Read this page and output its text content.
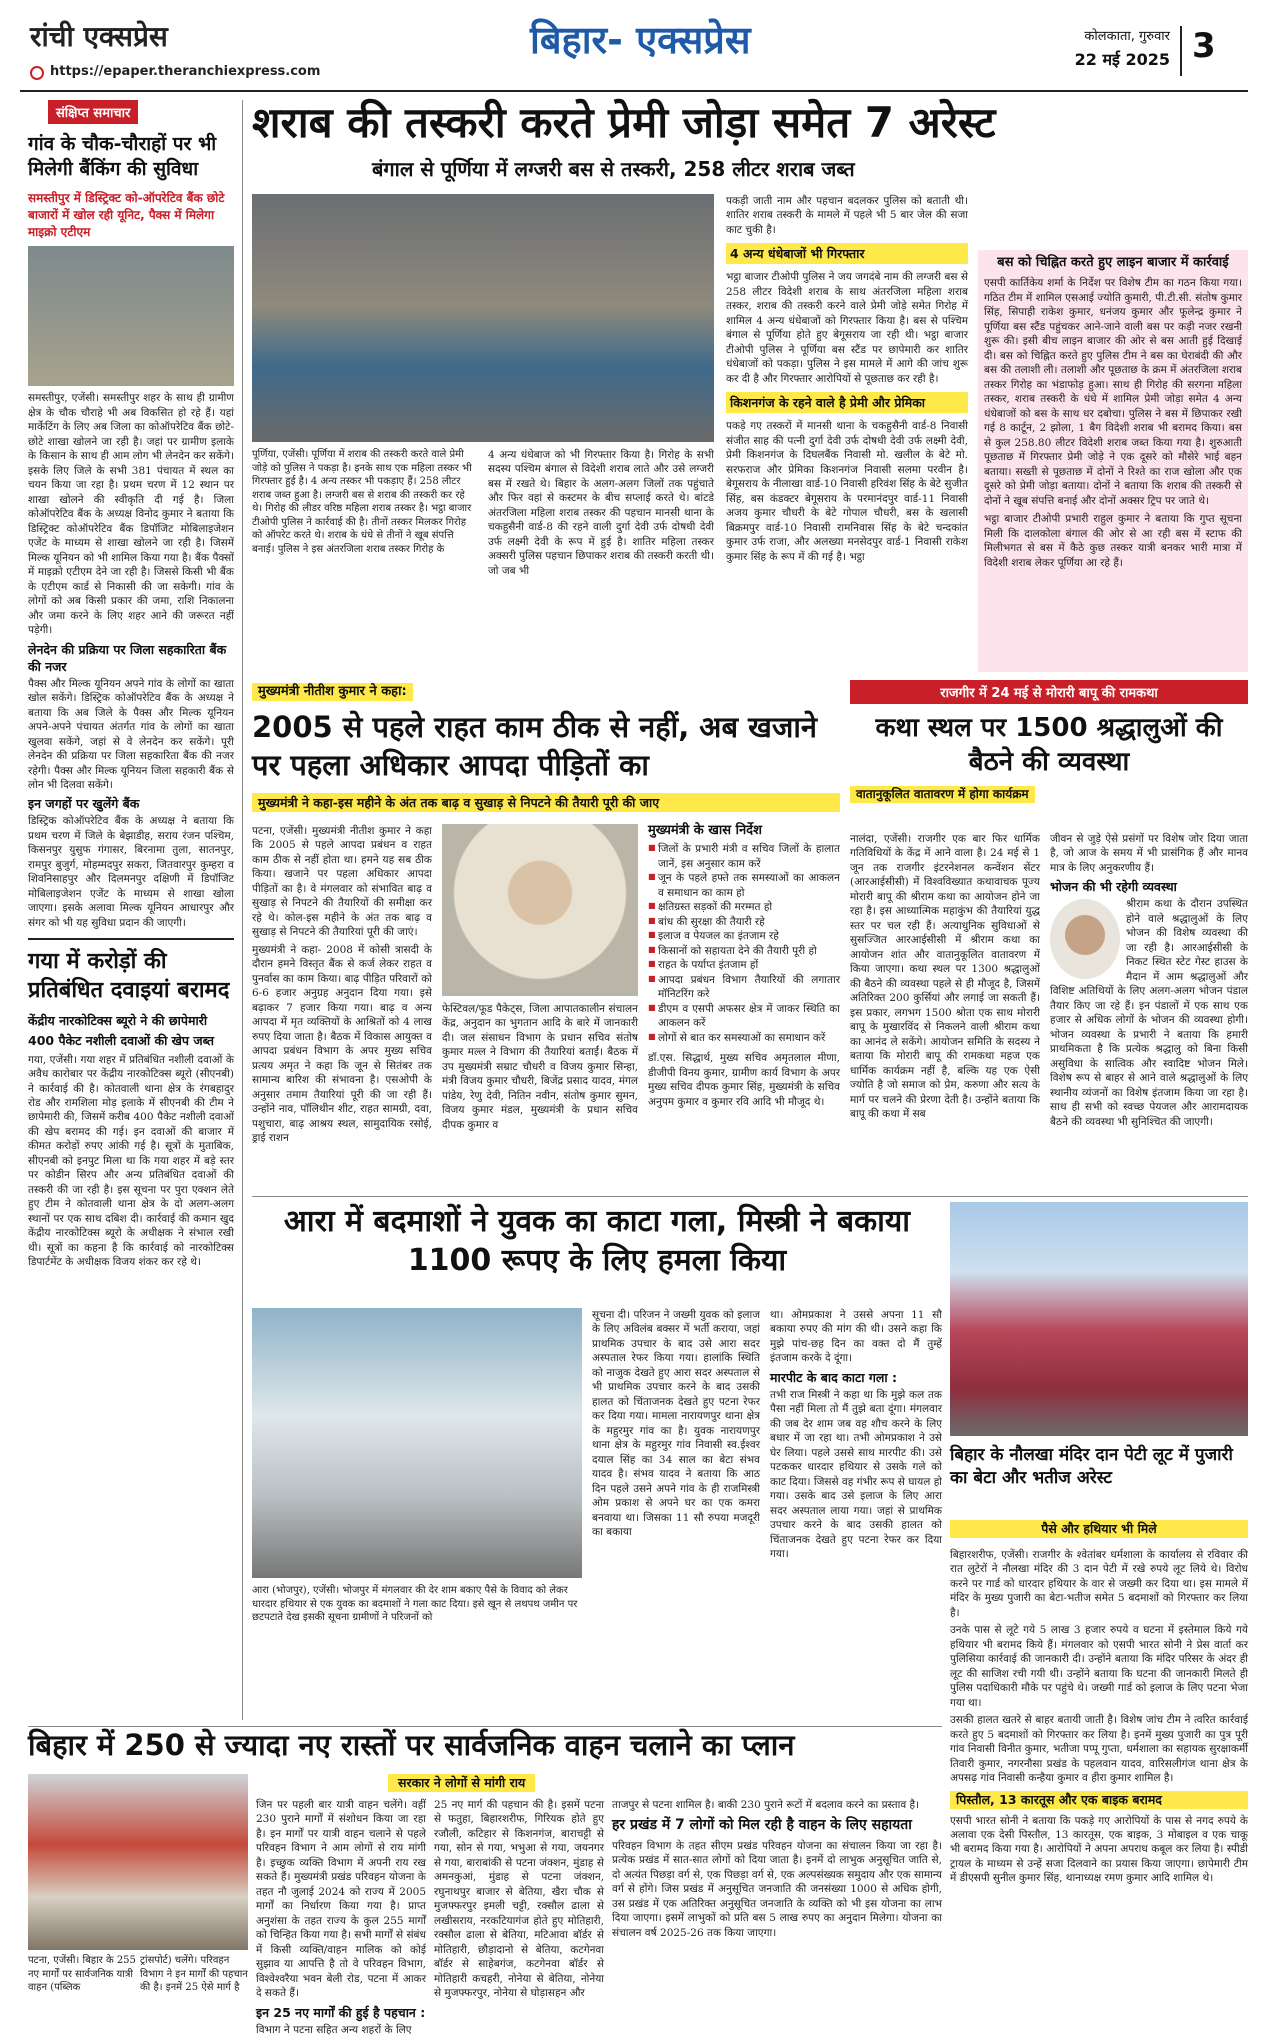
रांची एक्सप्रेस
https://epaper.theranchiexpress.com
बिहार- एक्सप्रेस	कोलकाता, गुरुवार
22 मई 2025 3
संक्षिप्त समाचार
गांव के चौक-चौराहों पर भी मिलेगी बैंकिंग की सुविधा
समस्तीपुर में डिस्ट्रिक्ट को-ऑपरेटिव बैंक छोटे बाजारों में खोल रही यूनिट, पैक्स में मिलेगा माइक्रो एटीएम
समस्तीपुर, एजेंसी। समस्तीपुर शहर के साथ ही ग्रामीण क्षेत्र के चौक चौराहे भी अब विकसित हो रहे हैं। यहां मार्केटिंग के लिए अब जिला का कोऑपरेटिव बैंक छोटे-छोटे शाखा खोलने जा रही है। जहां पर ग्रामीण इलाके के किसान के साथ ही आम लोग भी लेनदेन कर सकेंगे। इसके लिए जिले के सभी 381 पंचायत में स्थल का चयन किया जा रहा है। प्रथम चरण में 12 स्थान पर शाखा खोलने की स्वीकृति दी गई है। जिला कोऑपरेटिव बैंक के अध्यक्ष विनोद कुमार ने बताया कि डिस्ट्रिक्ट कोऑपरेटिव बैंक डिपॉजिट मोबिलाइजेशन एजेंट के माध्यम से शाखा खोलने जा रही है। जिसमें मिल्क यूनियन को भी शामिल किया गया है। बैंक पैक्सों में माइक्रो एटीएम देने जा रही है। जिससे किसी भी बैंक के एटीएम कार्ड से निकासी की जा सकेगी। गांव के लोगों को अब किसी प्रकार की जमा, राशि निकालना और जमा करने के लिए शहर आने की जरूरत नहीं पड़ेगी।
लेनदेन की प्रक्रिया पर जिला सहकारिता बैंक की नजर
पैक्स और मिल्क यूनियन अपने गांव के लोगों का खाता खोल सकेंगे। डिस्ट्रिक कोऑपरेटिव बैंक के अध्यक्ष ने बताया कि अब जिले के पैक्स और मिल्क यूनियन अपने-अपने पंचायत अंतर्गत गांव के लोगों का खाता खुलवा सकेंगे, जहां से वे लेनदेन कर सकेंगे। पूरी लेनदेन की प्रक्रिया पर जिला सहकारिता बैंक की नजर रहेगी। पैक्स और मिल्क यूनियन जिला सहकारी बैंक से लोन भी दिलवा सकेंगे।
इन जगहों पर खुलेंगे बैंक
डिस्ट्रिक कोऑपरेटिव बैंक के अध्यक्ष ने बताया कि प्रथम चरण में जिले के बेझाडीह, सराय रंजन पश्चिम, किसनपुर युसुफ गंगासर, बिरनामा तुला, सातनपुर, रामपुर बुजुर्ग, मोहम्मदपुर सकरा, जितवारपुर कुम्हरा व शिवनिसाहपुर और दिलमनपुर दक्षिणी में डिपॉजिट मोबिलाइजेशन एजेंट के माध्यम से शाखा खोला जाएगा। इसके अलावा मिल्क यूनियन आधारपुर और संगर को भी यह सुविधा प्रदान की जाएगी।
गया में करोड़ों की प्रतिबंधित दवाइयां बरामद
केंद्रीय नारकोटिक्स ब्यूरो ने की छापेमारी
400 पैकेट नशीली दवाओं की खेप जब्त
गया, एजेंसी। गया शहर में प्रतिबंधित नशीली दवाओं के अवैध कारोबार पर केंद्रीय नारकोटिक्स ब्यूरो (सीएनबी) ने कार्रवाई की है। कोतवाली थाना क्षेत्र के रंगबहादुर रोड और रामशिला मोड़ इलाके में सीएनबी की टीम ने छापेमारी की, जिसमें करीब 400 पैकेट नशीली दवाओं की खेप बरामद की गई। इन दवाओं की बाजार में कीमत करोड़ों रुपए आंकी गई है। सूत्रों के मुताबिक, सीएनबी को इनपुट मिला था कि गया शहर में बड़े स्तर पर कोडीन सिरप और अन्य प्रतिबंधित दवाओं की तस्करी की जा रही है। इस सूचना पर पुरा एक्शन लेते हुए टीम ने कोतवाली थाना क्षेत्र के दो अलग-अलग स्थानों पर एक साथ दबिश दी। कार्रवाई की कमान खुद केंद्रीय नारकोटिक्स ब्यूरो के अधीक्षक ने संभाल रखी थी। सूत्रों का कहना है कि कार्रवाई को नारकोटिक्स डिपार्टमेंट के अधीक्षक विजय शंकर कर रहे थे।
शराब की तस्करी करते प्रेमी जोड़ा समेत 7 अरेस्ट
बंगाल से पूर्णिया में लग्जरी बस से तस्करी, 258 लीटर शराब जब्त
पूर्णिया, एजेंसी। पूर्णिया में शराब की तस्करी करते वाले प्रेमी जोड़े को पुलिस ने पकड़ा है। इनके साथ एक महिला तस्कर भी गिरफ्तार हुई है। 4 अन्य तस्कर भी पकड़ाए हैं। 258 लीटर शराब जब्त हुआ है। लग्जरी बस से शराब की तस्करी कर रहे थे। गिरोह की लीडर वरिष्ठ महिला शराब तस्कर है। भट्ठा बाजार टीओपी पुलिस ने कार्रवाई की है। तीनों तस्कर मिलकर गिरोह को ऑपरेट करते थे। शराब के धंधे से तीनों ने खूब संपत्ति बनाई। पुलिस ने इस अंतरजिला शराब तस्कर गिरोह के
4 अन्य धंधेबाज को भी गिरफ्तार किया है। गिरोह के सभी सदस्य पश्चिम बंगाल से विदेशी शराब लाते और उसे लग्जरी बस में रखते थे। बिहार के अलग-अलग जिलों तक पहुंचाते और फिर वहां से कस्टमर के बीच सप्लाई करते थे। बांटडे अंतरजिला महिला शराब तस्कर की पहचान मानसी थाना के चकहुसैनी वार्ड-8 की रहने वाली दुर्गा देवी उर्फ दोषधी देवी उर्फ लक्ष्मी देवी के रूप में हुई है। शातिर महिला तस्कर अक्सरी पुलिस पहचान छिपाकर शराब की तस्करी करती थी। जो जब भी
पकड़ी जाती नाम और पहचान बदलकर पुलिस को बताती थी। शातिर शराब तस्करी के मामले में पहले भी 5 बार जेल की सजा काट चुकी है।
4 अन्य धंधेबाजों भी गिरफ्तार
भट्ठा बाजार टीओपी पुलिस ने जय जगदंबे नाम की लग्जरी बस से 258 लीटर विदेशी शराब के साथ अंतरजिला महिला शराब तस्कर, शराब की तस्करी करने वाले प्रेमी जोड़े समेत गिरोह में शामिल 4 अन्य धंधेबाजों को गिरफ्तार किया है। बस से पश्चिम बंगाल से पूर्णिया होते हुए बेगूसराय जा रही थी। भट्ठा बाजार टीओपी पुलिस ने पूर्णिया बस स्टैंड पर छापेमारी कर शातिर धंधेबाजों को पकड़ा। पुलिस ने इस मामले में आगे की जांच शुरू कर दी है और गिरफ्तार आरोपियों से पूछताछ कर रही है।
किशनगंज के रहने वाले है प्रेमी और प्रेमिका
पकड़े गए तस्करों में मानसी थाना के चकहुसैनी वार्ड-8 निवासी संजीत साह की पत्नी दुर्गा देवी उर्फ दोषधी देवी उर्फ लक्ष्मी देवी, प्रेमी किशनगंज के दिघलबैंक निवासी मो. खलील के बेटे मो. सरफराज और प्रेमिका किशनगंज निवासी सलमा परवीन है। बेगूसराय के नीलाखा वार्ड-10 निवासी हरिवंश सिंह के बेटे सुजीत सिंह, बस कंडक्टर बेगूसराय के परमानंदपुर वार्ड-11 निवासी अजय कुमार चौधरी के बेटे गोपाल चौधरी, बस के खलासी बिक्रमपुर वार्ड-10 निवासी रामनिवास सिंह के बेटे चन्दकांत कुमार उर्फ राजा, और अलख्या मनसेदपुर वार्ड-1 निवासी राकेश कुमार सिंह के रूप में की गई है। भट्ठा
बस को चिह्नित करते हुए लाइन बाजार में कार्रवाई
एसपी कार्तिकेय शर्मा के निर्देश पर विशेष टीम का गठन किया गया। गठित टीम में शामिल एसआई ज्योति कुमारी, पी.टी.सी. संतोष कुमार सिंह, सिपाही राकेश कुमार, धनंजय कुमार और फूलेन्द्र कुमार ने पूर्णिया बस स्टैंड पहुंचकर आने-जाने वाली बस पर कड़ी नजर रखनी शुरू की। इसी बीच लाइन बाजार की ओर से बस आती हुई दिखाई दी। बस को चिह्नित करते हुए पुलिस टीम ने बस का घेराबंदी की और बस की तलाशी ली। तलाशी और पूछताछ के क्रम में अंतरजिला शराब तस्कर गिरोह का भंडाफोड़ हुआ। साथ ही गिरोह की सरगना महिला तस्कर, शराब तस्करी के धंधे में शामिल प्रेमी जोड़ा समेत 4 अन्य धंधेबाजों को बस के साथ धर दबोचा। पुलिस ने बस में छिपाकर रखी गई 8 कार्टून, 2 झोला, 1 बैग विदेशी शराब भी बरामद किया। बस से कुल 258.80 लीटर विदेशी शराब जब्त किया गया है। शुरुआती पूछताछ में गिरफ्तार प्रेमी जोड़े ने एक दूसरे को मौसेरे भाई बहन बताया। सख्ती से पूछताछ में दोनों ने रिश्ते का राज खोला और एक दूसरे को प्रेमी जोड़ा बताया। दोनों ने बताया कि शराब की तस्करी से दोनों ने खूब संपत्ति बनाई और दोनों अक्सर ट्रिप पर जाते थे।
भट्ठा बाजार टीओपी प्रभारी राहुल कुमार ने बताया कि गुप्त सूचना मिली कि दालकोला बंगाल की ओर से आ रही बस में स्टाफ की मिलीभगत से बस में कैठे कुछ तस्कर यात्री बनकर भारी मात्रा में विदेशी शराब लेकर पूर्णिया आ रहे हैं।
मुख्यमंत्री नीतीश कुमार ने कहा:
2005 से पहले राहत काम ठीक से नहीं, अब खजाने पर पहला अधिकार आपदा पीड़ितों का
मुख्यमंत्री ने कहा-इस महीने के अंत तक बाढ़ व सुखाड़ से निपटने की तैयारी पूरी की जाए
पटना, एजेंसी। मुख्यमंत्री नीतीश कुमार ने कहा कि 2005 से पहले आपदा प्रबंधन व राहत काम ठीक से नहीं होता था। हमने यह सब ठीक किया। खजाने पर पहला अधिकार आपदा पीड़ितों का है। वे मंगलवार को संभावित बाढ़ व सुखाड़ से निपटने की तैयारियों की समीक्षा कर रहे थे। कोल-इस महीने के अंत तक बाढ़ व सुखाड़ से निपटने की तैयारियां पूरी की जाएं।
मुख्यमंत्री ने कहा- 2008 में कोसी त्रासदी के दौरान हमने विस्तृत बैंक से कर्ज लेकर राहत व पुनर्वास का काम किया। बाढ़ पीड़ित परिवारों को 6-6 हजार अनुग्रह अनुदान दिया गया। इसे बढ़ाकर 7 हजार किया गया। बाढ़ व अन्य आपदा में मृत व्यक्तियों के आश्रितों को 4 लाख रुपए दिया जाता है। बैठक में विकास आयुक्त व आपदा प्रबंधन विभाग के अपर मुख्य सचिव प्रत्यय अमृत ने कहा कि जून से सितंबर तक सामान्य बारिश की संभावना है। एसओपी के अनुसार तमाम तैयारियां पूरी की जा रही हैं। उन्होंने नाव, पॉलिथीन शीट, राहत सामग्री, दवा, पशुचारा, बाढ़ आश्रय स्थल, सामुदायिक रसोई, ड्राई राशन
फेस्टिवल/फूड पैकेट्स, जिला आपातकालीन संचालन केंद्र, अनुदान का भुगतान आदि के बारे में जानकारी दी। जल संसाधन विभाग के प्रधान सचिव संतोष कुमार मल्ल ने विभाग की तैयारियां बताईं। बैठक में उप मुख्यमंत्री सम्राट चौधरी व विजय कुमार सिन्हा, मंत्री विजय कुमार चौधरी, बिजेंद्र प्रसाद यादव, मंगल पांडेय, रेणु देवी, नितिन नवीन, संतोष कुमार सुमन, विजय कुमार मंडल, मुख्यमंत्री के प्रधान सचिव दीपक कुमार व
मुख्यमंत्री के खास निर्देश
■ जिलों के प्रभारी मंत्री व सचिव जिलों के हालात जानें, इस अनुसार काम करें
■ जून के पहले हफ्ते तक समस्याओं का आकलन व समाधान का काम हो
■ क्षतिग्रस्त सड़कों की मरम्मत हो
■ बांध की सुरक्षा की तैयारी रहे
■ इलाज व पेयजल का इंतजाम रहे
■ किसानों को सहायता देने की तैयारी पूरी हो
■ राहत के पर्याप्त इंतजाम हों
■ आपदा प्रबंधन विभाग तैयारियों की लगातार मॉनिटरिंग करे
■ डीएम व एसपी अफसर क्षेत्र में जाकर स्थिति का आकलन करें
■ लोगों से बात कर समस्याओं का समाधान करें
डॉ.एस. सिद्धार्थ, मुख्य सचिव अमृतलाल मीणा, डीजीपी विनय कुमार, ग्रामीण कार्य विभाग के अपर मुख्य सचिव दीपक कुमार सिंह, मुख्यमंत्री के सचिव अनुपम कुमार व कुमार रवि आदि भी मौजूद थे।
राजगीर में 24 मई से मोरारी बापू की रामकथा
कथा स्थल पर 1500 श्रद्धालुओं की बैठने की व्यवस्था
वातानुकूलित वातावरण में होगा कार्यक्रम
नालंदा, एजेंसी। राजगीर एक बार फिर धार्मिक गतिविधियों के केंद्र में आने वाला है। 24 मई से 1 जून तक राजगीर इंटरनेशनल कन्वेंशन सेंटर (आरआईसीसी) में विश्वविख्यात कथावाचक पूज्य मोरारी बापू की श्रीराम कथा का आयोजन होने जा रहा है। इस आध्यात्मिक महाकुंभ की तैयारियां युद्ध स्तर पर चल रही हैं। अत्याधुनिक सुविधाओं से सुसज्जित आरआईसीसी में श्रीराम कथा का आयोजन शांत और वातानुकूलित वातावरण में किया जाएगा। कथा स्थल पर 1300 श्रद्धालुओं की बैठने की व्यवस्था पहले से ही मौजूद है, जिसमें अतिरिक्त 200 कुर्सियां और लगाई जा सकती हैं। इस प्रकार, लगभग 1500 श्रोता एक साथ मोरारी बापू के मुखारविंद से निकलने वाली श्रीराम कथा का आनंद ले सकेंगे। आयोजन समिति के सदस्य ने बताया कि मोरारी बापू की रामकथा महज एक धार्मिक कार्यक्रम नहीं है, बल्कि यह एक ऐसी ज्योति है जो समाज को प्रेम, करुणा और सत्य के मार्ग पर चलने की प्रेरणा देती है। उन्होंने बताया कि बापू की कथा में सब
जीवन से जुड़े ऐसे प्रसंगों पर विशेष जोर दिया जाता है, जो आज के समय में भी प्रासंगिक हैं और मानव मात्र के लिए अनुकरणीय हैं।
भोजन की भी रहेगी व्यवस्था
श्रीराम कथा के दौरान उपस्थित होने वाले श्रद्धालुओं के लिए भोजन की विशेष व्यवस्था की जा रही है। आरआईसीसी के निकट स्थित स्टेट गेस्ट हाउस के मैदान में आम श्रद्धालुओं और विशिष्ट अतिथियों के लिए अलग-अलग भोजन पंडाल तैयार किए जा रहे हैं। इन पंडालों में एक साथ एक हजार से अधिक लोगों के भोजन की व्यवस्था होगी। भोजन व्यवस्था के प्रभारी ने बताया कि हमारी प्राथमिकता है कि प्रत्येक श्रद्धालु को बिना किसी असुविधा के सात्विक और स्वादिष्ट भोजन मिले। विशेष रूप से बाहर से आने वाले श्रद्धालुओं के लिए स्थानीय व्यंजनों का विशेष इंतजाम किया जा रहा है। साथ ही सभी को स्वच्छ पेयजल और आरामदायक बैठने की व्यवस्था भी सुनिश्चित की जाएगी।
आरा में बदमाशों ने युवक का काटा गला, मिस्त्री ने बकाया 1100 रूपए के लिए हमला किया
आरा (भोजपुर), एजेंसी। भोजपुर में मंगलवार की देर शाम बकाए पैसे के विवाद को लेकर धारदार हथियार से एक युवक का बदमाशों ने गला काट दिया। इसे खून से लथपथ जमीन पर छटपटाते देख इसकी सूचना ग्रामीणों ने परिजनों को
सूचना दी। परिजन ने जख्मी युवक को इलाज के लिए अविलंब बक्सर में भर्ती कराया, जहां प्राथमिक उपचार के बाद उसे आरा सदर अस्पताल रेफर किया गया। हालांकि स्थिति को नाजुक देखते हुए आरा सदर अस्पताल से भी प्राथमिक उपचार करने के बाद उसकी हालत को चिंताजनक देखते हुए पटना रेफर कर दिया गया। मामला नारायणपुर थाना क्षेत्र के महुरमुर गांव का है। युवक नारायणपुर थाना क्षेत्र के महुरमुर गांव निवासी स्व.ईश्वर दयाल सिंह का 34 साल का बेटा संभव यादव है। संभव यादव ने बताया कि आठ दिन पहले उसने अपने गांव के ही राजमिस्त्री ओम प्रकाश से अपने घर का एक कमरा बनवाया था। जिसका 11 सौ रुपया मजदूरी का बकाया
था। ओमप्रकाश ने उससे अपना 11 सौ बकाया रुपए की मांग की थी। उसने कहा कि मुझे पांच-छह दिन का वक्त दो मैं तुम्हें इंतजाम करके दे दूंगा।
मारपीट के बाद काटा गला :
तभी राज मिस्त्री ने कहा था कि मुझे कल तक पैसा नहीं मिला तो मैं तुझे बता दूंगा। मंगलवार की जब देर शाम जब वह शौच करने के लिए बधार में जा रहा था। तभी ओमप्रकाश ने उसे घेर लिया। पहले उससे साथ मारपीट की। उसे पटककर धारदार हथियार से उसके गले को काट दिया। जिससे वह गंभीर रूप से घायल हो गया। उसके बाद उसे इलाज के लिए आरा सदर अस्पताल लाया गया। जहां से प्राथमिक उपचार करने के बाद उसकी हालत को चिंताजनक देखते हुए पटना रेफर कर दिया गया।
बिहार के नौलखा मंदिर दान पेटी लूट में पुजारी का बेटा और भतीज अरेस्ट
पैसे और हथियार भी मिले
बिहारशरीफ, एजेंसी। राजगीर के श्वेतांबर धर्मशाला के कार्यालय से रविवार की रात लुटेरों ने नौलखा मंदिर की 3 दान पेटी में रखे रुपये लूट लिये थे। विरोध करने पर गार्ड को धारदार हथियार के वार से जख्मी कर दिया था। इस मामले में मंदिर के मुख्य पुजारी का बेटा-भतीज समेत 5 बदमाशों को गिरफ्तार कर लिया है।
उनके पास से लूटे गये 5 लाख 3 हजार रुपये व घटना में इस्तेमाल किये गये हथियार भी बरामद किये हैं। मंगलवार को एसपी भारत सोनी ने प्रेस वार्ता कर पुलिसिया कार्रवाई की जानकारी दी। उन्होंने बताया कि मंदिर परिसर के अंदर ही लूट की साजिश रची गयी थी। उन्होंने बताया कि घटना की जानकारी मिलते ही पुलिस पदाधिकारी मौके पर पहुंचे थे। जख्मी गार्ड को इलाज के लिए पटना भेजा गया था।
उसकी हालत खतरे से बाहर बतायी जाती है। विशेष जांच टीम ने त्वरित कार्रवाई करते हुए 5 बदमाशों को गिरफ्तार कर लिया है। इनमें मुख्य पुजारी का पुत्र पूरी गांव निवासी विनीत कुमार, भतीजा पप्पू गुप्ता, धर्मशाला का सहायक सुरक्षाकर्मी तिवारी कुमार, नगरनौसा प्रखंड के पहलवान यादव, वारिसलीगंज थाना क्षेत्र के अपसढ़ गांव निवासी कन्हैया कुमार व हीरा कुमार शामिल है।
पिस्तौल, 13 कारतूस और एक बाइक बरामद
एसपी भारत सोनी ने बताया कि पकड़े गए आरोपियों के पास से नगद रुपये के अलावा एक देसी पिस्तौल, 13 कारतूस, एक बाइक, 3 मोबाइल व एक चाकू भी बरामद किया गया है। आरोपियों ने अपना अपराध कबूल कर लिया है। स्पीडी ट्रायल के माध्यम से उन्हें सजा दिलवाने का प्रयास किया जाएगा। छापेमारी टीम में डीएसपी सुनील कुमार सिंह, थानाध्यक्ष रमण कुमार आदि शामिल थे।
बिहार में 250 से ज्यादा नए रास्तों पर सार्वजनिक वाहन चलाने का प्लान
सरकार ने लोगों से मांगी राय
पटना, एजेंसी। बिहार के 255 नए मार्गों पर सार्वजनिक यात्री वाहन (पब्लिक
ट्रांसपोर्ट) चलेंगे। परिवहन विभाग ने इन मार्गों की पहचान की है। इनमें 25 ऐसे मार्ग है
जिन पर पहली बार यात्री वाहन चलेंगे। वहीं 230 पुराने मार्गों में संशोधन किया जा रहा है। इन मार्गों पर यात्री वाहन चलाने से पहले परिवहन विभाग ने आम लोगों से राय मांगी है। इच्छुक व्यक्ति विभाग में अपनी राय रख सकते हैं। मुख्यमंत्री प्रखंड परिवहन योजना के तहत नौ जुलाई 2024 को राज्य में 2005 मार्गों का निर्धारण किया गया है। प्राप्त अनुशंसा के तहत राज्य के कुल 255 मार्गों को चिन्हित किया गया है। सभी मार्गों से संबंध में किसी व्यक्ति/वाहन मालिक को कोई सुझाव या आपत्ति है तो वे परिवहन विभाग, विश्वेश्वरैया भवन बेली रोड, पटना में आकर दे सकते हैं।
इन 25 नए मार्गों की हुई है पहचान :
विभाग ने पटना सहित अन्य शहरों के लिए
25 नए मार्ग की पहचान की है। इसमें पटना से फतुहा, बिहारशरीफ, गिरियक होते हुए रजौली, कटिहार से किशनगंज, बाराचट्टी से गया, सोन से गया, भभुआ से गया, जयनगर से गया, बाराबांकी से पटना जंक्शन, मुंडाह से अमनकुआं, मुंडाह से पटना जंक्शन, रघुनाथपुर बाजार से बेतिया, खैरा चौक से मुजफ्फरपुर इमली चट्टी, रक्सौल ढाला से लखीसराय, नरकटियागंज होते हुए मोतिहारी, रक्सौल ढाला से बेतिया, मटिआवा बॉर्डर से मोतिहारी, छौड़ादानो से बेतिया, कटगेनवा बॉर्डर से साहेबगंज, कटगेनवा बॉर्डर से मोतिहारी कचहरी, नोनेया से बेतिया, नोनेया से मुजफ्फरपुर, नोनेया से घोड़ासहन और
ताजपुर से पटना शामिल है। बाकी 230 पुराने रूटों में बदलाव करने का प्रस्ताव है।
हर प्रखंड में 7 लोगों को मिल रही है वाहन के लिए सहायता
परिवहन विभाग के तहत सीएम प्रखंड परिवहन योजना का संचालन किया जा रहा है। प्रत्येक प्रखंड में सात-सात लोगों को दिया जाता है। इनमें दो लाभुक अनुसूचित जाति से, दो अत्यंत पिछड़ा वर्ग से, एक पिछड़ा वर्ग से, एक अल्पसंख्यक समुदाय और एक सामान्य वर्ग से होंगे। जिस प्रखंड में अनुसूचित जनजाति की जनसंख्या 1000 से अधिक होगी, उस प्रखंड में एक अतिरिक्त अनुसूचित जनजाति के व्यक्ति को भी इस योजना का लाभ दिया जाएगा। इसमें लाभुकों को प्रति बस 5 लाख रुपए का अनुदान मिलेगा। योजना का संचालन वर्ष 2025-26 तक किया जाएगा।
